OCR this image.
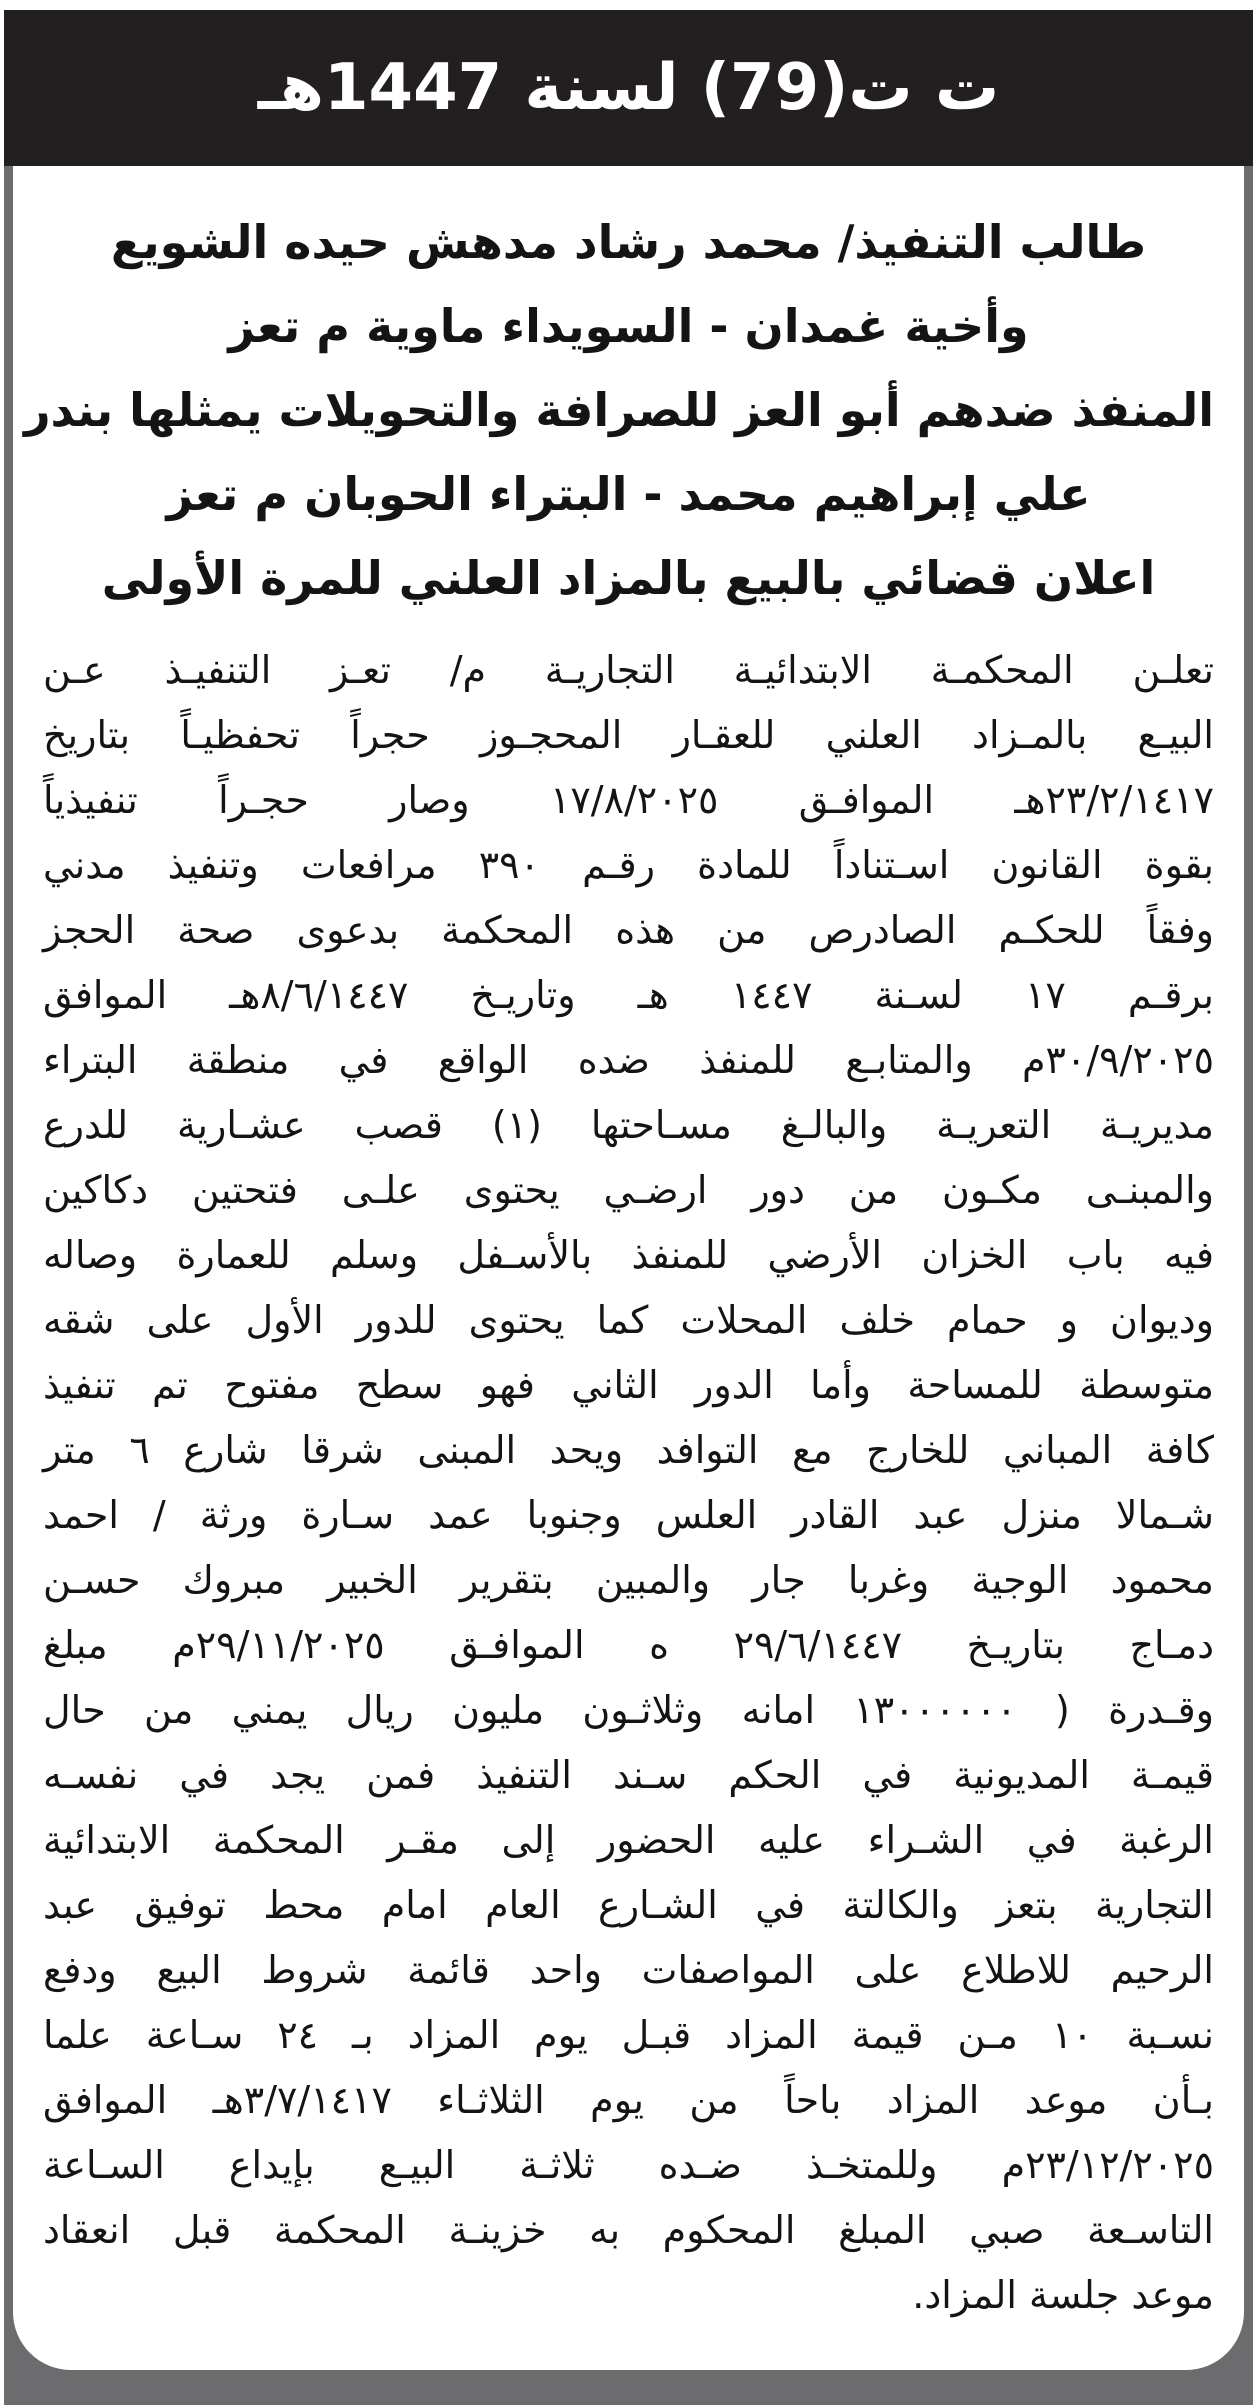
ت ت(79) لسنة 1447هـ
طالب التنفيذ/ محمد رشاد مدهش حيده الشويع
وأخية غمدان - السويداء ماوية م تعز
المنفذ ضدهم أبو العز للصرافة والتحويلات يمثلها بندر
علي إبراهيم محمد - البتراء الحوبان م تعز
اعلان قضائي بالبيع بالمزاد العلني للمرة الأولى
تعلـن المحكمـة الابتدائيـة التجاريـة م/ تعـز التنفيـذ عـن
البيـع بالمـزاد العلني للعقـار المحجـوز حجراً تحفظيـاً بتاريخ
٢٣/٢/١٤١٧هـ الموافـق ١٧/٨/٢٠٢٥ وصار حجـراً تنفيذياً
بقوة القانون اسـتناداً للمادة رقـم ٣٩٠ مرافعات وتنفيذ مدني
وفقاً للحكـم الصادرص من هذه المحكمة بدعوى صحة الحجز
برقـم ١٧ لسـنة ١٤٤٧ هـ وتاريـخ ٨/٦/١٤٤٧هـ الموافق
٣٠/٩/٢٠٢٥م والمتابـع للمنفذ ضده الواقع في منطقة البتراء
مديريـة التعريـة والبالـغ مسـاحتها (١) قصب عشـارية للدرع
والمبنـى مكـون من دور ارضـي يحتوى علـى فتحتين دكاكين
فيه باب الخزان الأرضي للمنفذ بالأسـفل وسلم للعمارة وصاله
وديوان و حمام خلف المحلات كما يحتوى للدور الأول على شقه
متوسطة للمساحة وأما الدور الثاني فهو سطح مفتوح تم تنفيذ
كافة المباني للخارج مع التوافد ويحد المبنى شرقا شارع ٦ متر
شـمالا منزل عبد القادر العلس وجنوبا عمد سـارة ورثة / احمد
محمود الوجية وغربا جار والمبين بتقرير الخبير مبروك حسـن
دمـاج بتاريـخ ٢٩/٦/١٤٤٧ ه الموافـق ٢٩/١١/٢٠٢٥م مبلغ
وقـدرة ( ١٣٠٠٠٠٠٠ امانه وثلاثـون مليون ريال يمني من حال
قيمـة المديونية في الحكم سـند التنفيذ فمن يجد في نفسـه
الرغبة في الشـراء عليه الحضور إلى مقـر المحكمة الابتدائية
التجارية بتعز والكالتة في الشـارع العام امام محط توفيق عبد
الرحيم للاطلاع على المواصفات واحد قائمة شروط البيع ودفع
نسـبة ١٠ مـن قيمة المزاد قبـل يوم المزاد بـ ٢٤ سـاعة علما
بـأن موعد المزاد باحاً من يوم الثلاثـاء ٣/٧/١٤١٧هـ الموافق
٢٣/١٢/٢٠٢٥م وللمتخـذ ضـده ثلاثـة البيـع بإيداع السـاعة
التاسـعة صبي المبلغ المحكوم به خزينـة المحكمة قبل انعقاد
موعد جلسة المزاد.
